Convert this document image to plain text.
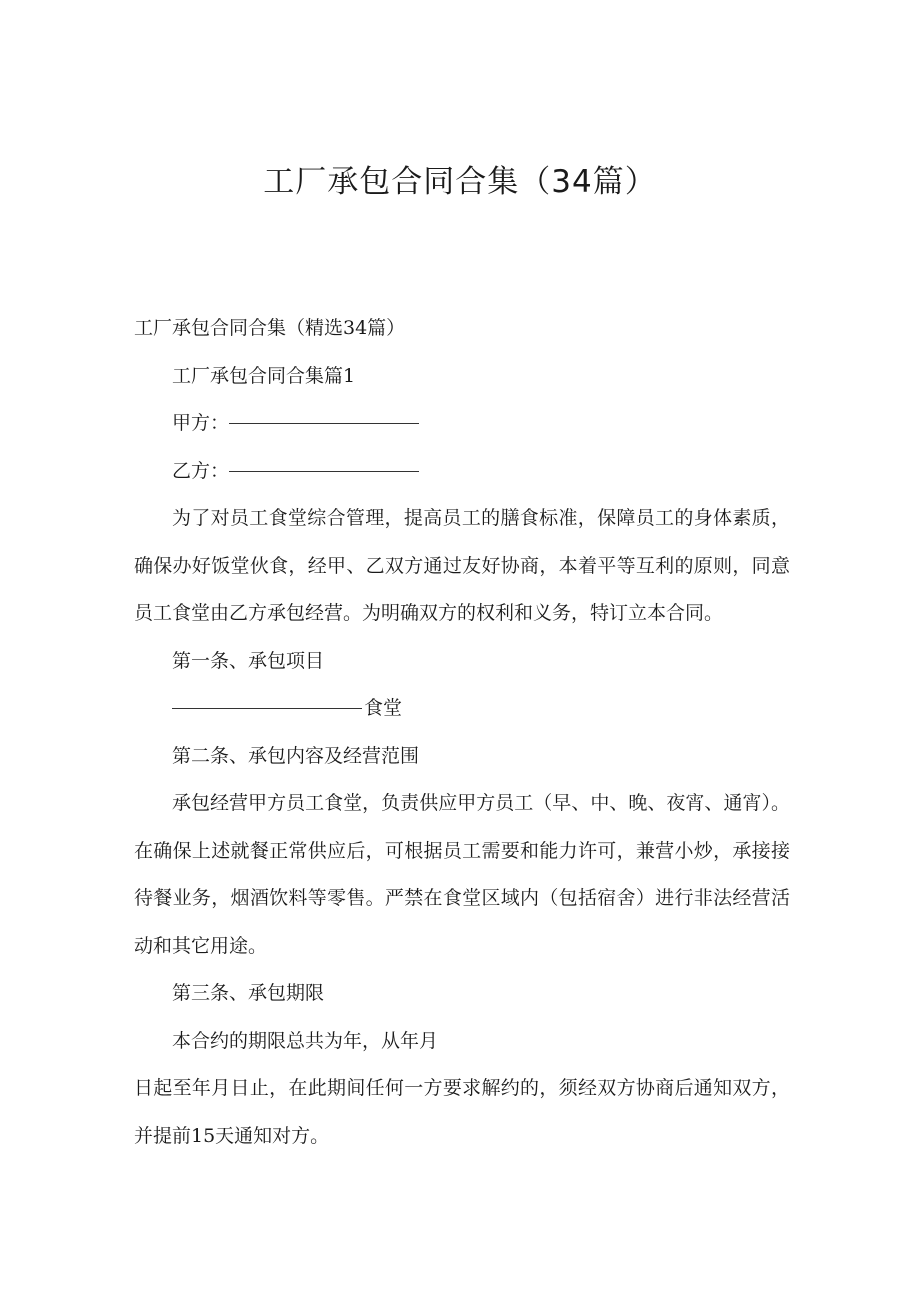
工厂承包合同合集（34篇）

工厂承包合同合集（精选34篇）

工厂承包合同合集篇1

甲方：

乙方：

为了对员工食堂综合管理，提高员工的膳食标准，保障员工的身体素质，确保办好饭堂伙食，经甲、乙双方通过友好协商，本着平等互利的原则，同意员工食堂由乙方承包经营。为明确双方的权利和义务，特订立本合同。

第一条、承包项目

食堂

第二条、承包内容及经营范围

承包经营甲方员工食堂，负责供应甲方员工（早、中、晚、夜宵、通宵）。在确保上述就餐正常供应后，可根据员工需要和能力许可，兼营小炒，承接接待餐业务，烟酒饮料等零售。严禁在食堂区域内（包括宿舍）进行非法经营活动和其它用途。

第三条、承包期限

本合约的期限总共为年，从年月

日起至年月日止，在此期间任何一方要求解约的，须经双方协商后通知双方，并提前15天通知对方。
